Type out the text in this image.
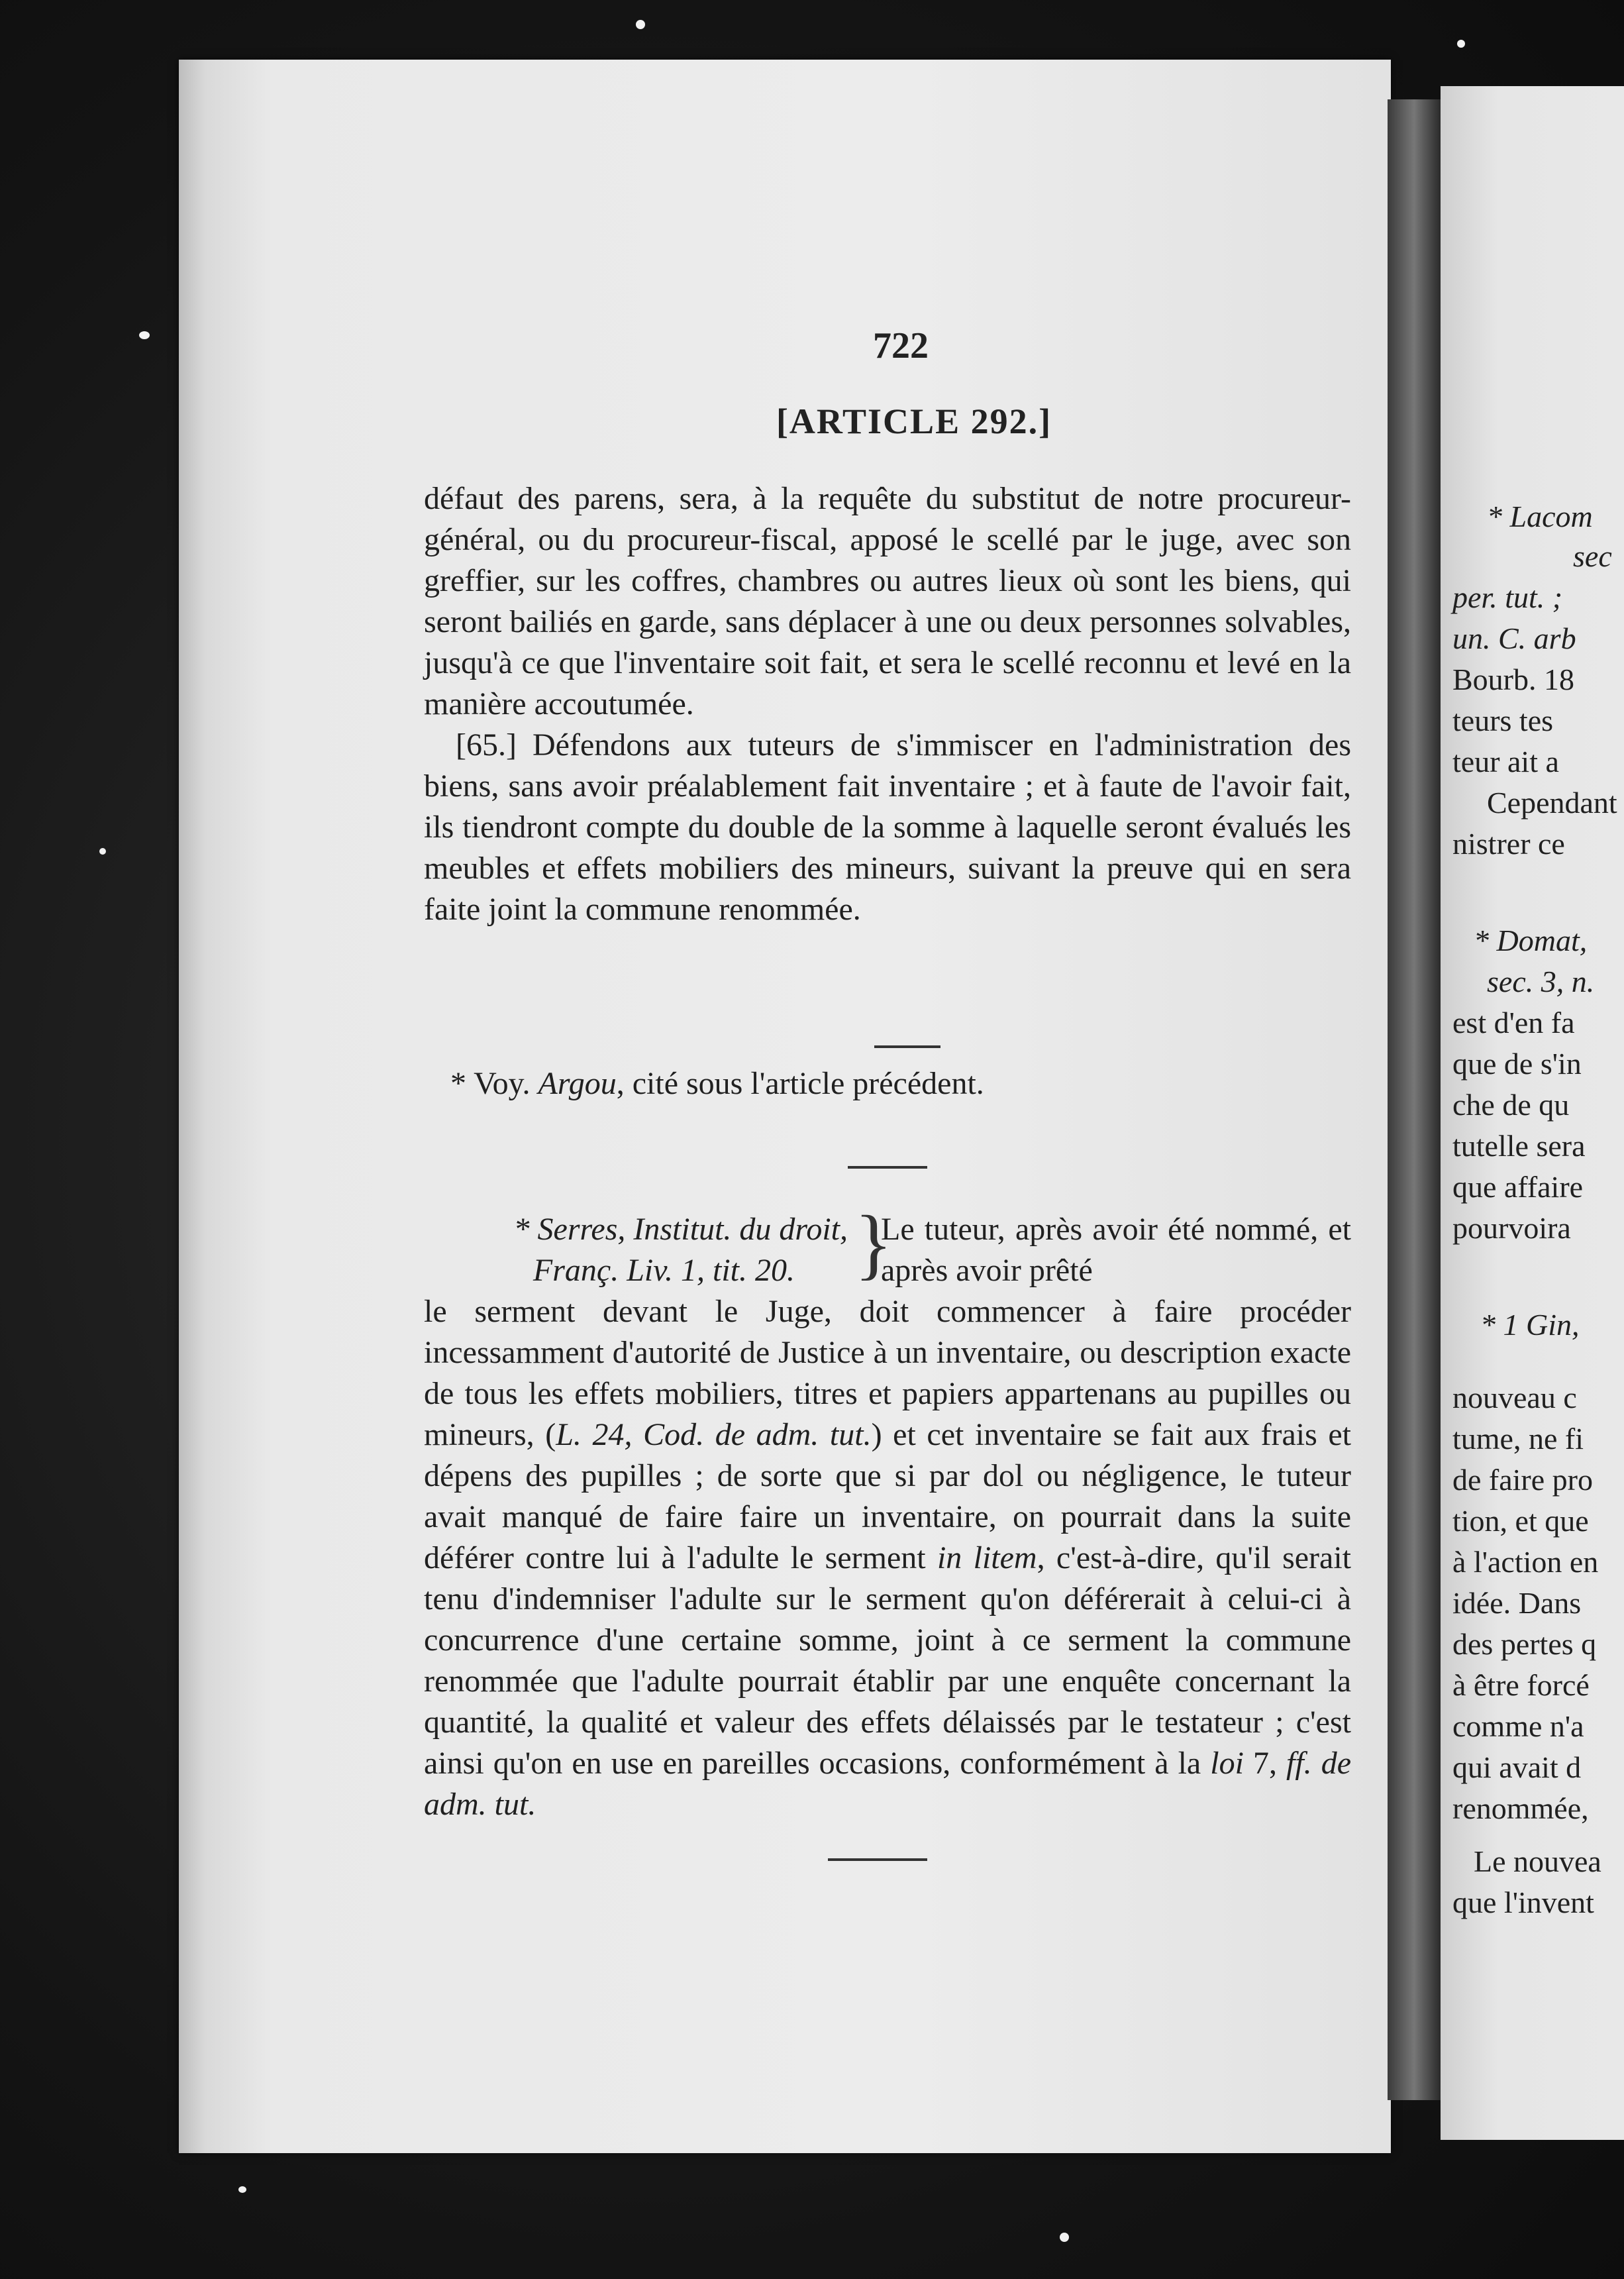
* Lacom
sec
per. tut. ;
un. C. arb
Bourb. 18
teurs tes
teur ait a
Cependant
nistrer ce
* Domat,
sec. 3, n.
est d'en fa
que de s'in
che de qu
tutelle sera
que affaire
pourvoira
* 1 Gin,
nouveau c
tume, ne fi
de faire pro
tion, et que
à l'action en
idée. Dans
des pertes q
à être forcé
comme n'a
qui avait d
renommée,
Le nouvea
que l'invent
722
[ARTICLE 292.]

défaut des parens, sera, à la requête du substitut de notre procureur-général, ou du procureur-fiscal, apposé le scellé par le juge, avec son greffier, sur les coffres, chambres ou autres lieux où sont les biens, qui seront bailiés en garde, sans déplacer à une ou deux personnes solvables, jusqu'à ce que l'inventaire soit fait, et sera le scellé reconnu et levé en la manière accoutumée.

[65.] Défendons aux tuteurs de s'immiscer en l'administration des biens, sans avoir préalablement fait inventaire ; et à faute de l'avoir fait, ils tiendront compte du double de la somme à laquelle seront évalués les meubles et effets mobiliers des mineurs, suivant la preuve qui en sera faite joint la commune renommée.

* Voy. Argou, cité sous l'article précédent.
* Serres, Institut. du droit,
Franç. Liv. 1, tit. 20. }
Le tuteur, après avoir été nommé, et après avoir prêté

le serment devant le Juge, doit commencer à faire procéder incessamment d'autorité de Justice à un inventaire, ou description exacte de tous les effets mobiliers, titres et papiers appartenans au pupilles ou mineurs, (L. 24, Cod. de adm. tut.) et cet inventaire se fait aux frais et dépens des pupilles ; de sorte que si par dol ou négligence, le tuteur avait manqué de faire faire un inventaire, on pourrait dans la suite déférer contre lui à l'adulte le serment in litem, c'est-à-dire, qu'il serait tenu d'indemniser l'adulte sur le serment qu'on déférerait à celui-ci à concurrence d'une certaine somme, joint à ce serment la commune renommée que l'adulte pourrait établir par une enquête concernant la quantité, la qualité et valeur des effets délaissés par le testateur ; c'est ainsi qu'on en use en pareilles occasions, conformément à la loi 7, ff. de adm. tut.
